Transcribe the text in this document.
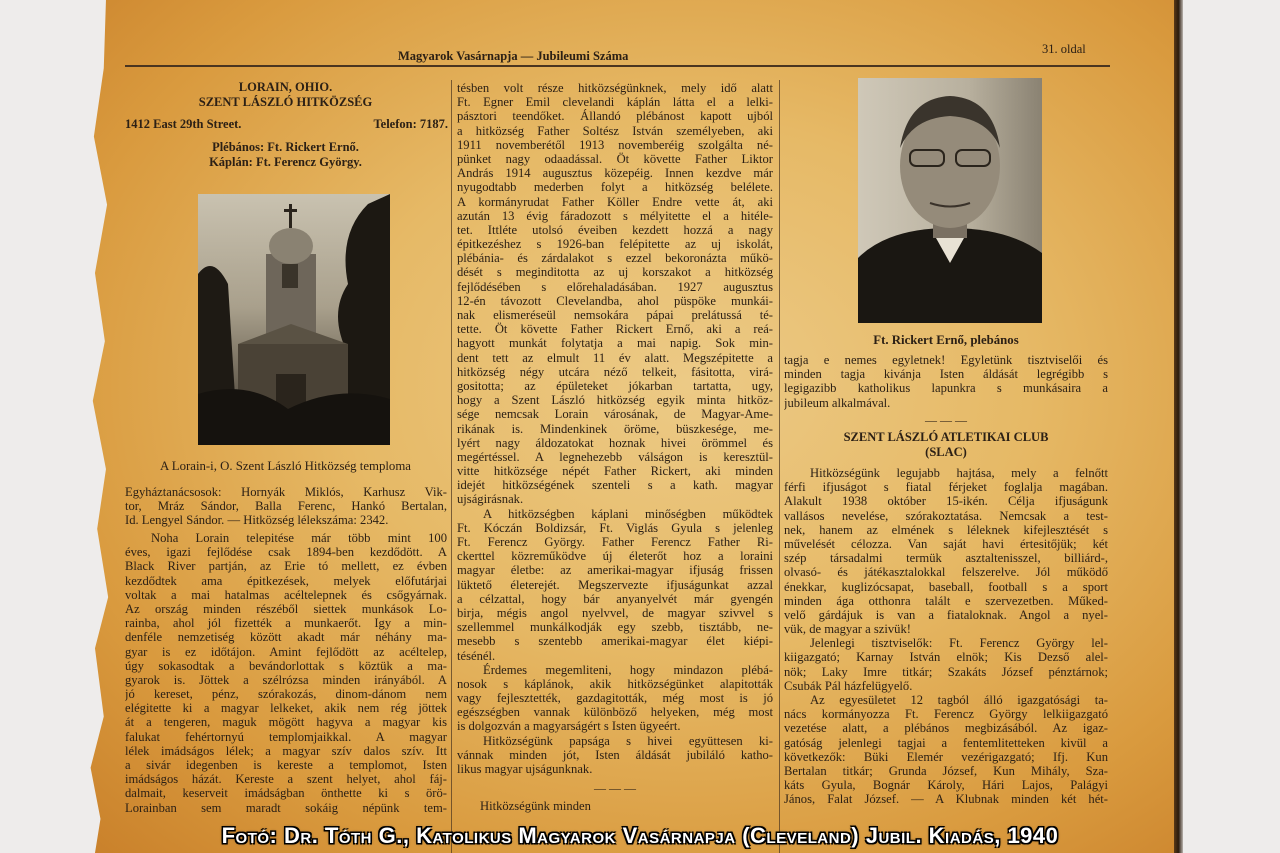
Magyarok Vasárnapja — Jubileumi Száma	31. oldal
LORAIN, OHIO.
SZENT LÁSZLÓ HITKÖZSÉG
1412 East 29th Street.	Telefon: 7187.
Plébános: Ft. Rickert Ernő.
Káplán: Ft. Ferencz György.
A Lorain-i, O. Szent László Hitközség temploma
Egyháztanácsosok: Hornyák Miklós, Karhusz Vik-
tor, Mráz Sándor, Balla Ferenc, Hankó Bertalan,
Id. Lengyel Sándor. — Hitközség lélekszáma: 2342.
Noha Lorain telepitése már több mint 100
éves, igazi fejlődése csak 1894-ben kezdődött. A
Black River partján, az Erie tó mellett, ez évben
kezdődtek ama épitkezések, melyek előfutárjai
voltak a mai hatalmas acéltelepnek és csőgyárnak.
Az ország minden részéből siettek munkások Lo-
rainba, ahol jól fizették a munkaerőt. Igy a min-
denféle nemzetiség között akadt már néhány ma-
gyar is ez időtájon. Amint fejlődött az acéltelep,
úgy sokasodtak a bevándorlottak s köztük a ma-
gyarok is. Jöttek a szélrózsa minden irányából. A
jó kereset, pénz, szórakozás, dinom-dánom nem
elégitette ki a magyar lelkeket, akik nem rég jöttek
át a tengeren, maguk mögött hagyva a magyar kis
falukat fehértornyú templomjaikkal. A magyar
lélek imádságos lélek; a magyar szív dalos szív. Itt
a sivár idegenben is kereste a templomot, Isten
imádságos házát. Kereste a szent helyet, ahol fáj-
dalmait, keserveit imádságban önthette ki s örö-
Lorainban sem maradt sokáig népünk tem-
tésben volt része hitközségünknek, mely idő alatt
Ft. Egner Emil clevelandi káplán látta el a lelki-
pásztori teendőket. Állandó plébánost kapott ujból
a hitközség Father Soltész István személyeben, aki
1911 novemberétől 1913 novemberéig szolgálta né-
pünket nagy odaadással. Öt követte Father Liktor
András 1914 augusztus közepéig. Innen kezdve már
nyugodtabb mederben folyt a hitközség belélete.
A kormányrudat Father Köller Endre vette át, aki
azután 13 évig fáradozott s mélyitette el a hitéle-
tet. Ittléte utolsó éveiben kezdett hozzá a nagy
épitkezéshez s 1926-ban felépitette az uj iskolát,
plébánia- és zárdalakot s ezzel bekoronázta műkö-
dését s meginditotta az uj korszakot a hitközség
fejlődésében s előrehaladásában. 1927 augusztus
12-én távozott Clevelandba, ahol püspöke munkái-
nak elismeréseül nemsokára pápai prelátussá té-
tette. Öt követte Father Rickert Ernő, aki a reá-
hagyott munkát folytatja a mai napig. Sok min-
dent tett az elmult 11 év alatt. Megszépitette a
hitközség négy utcára néző telkeit, fásitotta, virá-
gositotta; az épületeket jókarban tartatta, ugy,
hogy a Szent László hitközség egyik minta hitköz-
sége nemcsak Lorain városának, de Magyar-Ame-
rikának is. Mindenkinek öröme, büszkesége, me-
lyért nagy áldozatokat hoznak hivei örömmel és
megértéssel. A legnehezebb válságon is keresztül-
vitte hitközsége népét Father Rickert, aki minden
idejét hitközségének szenteli s a kath. magyar
ujságirásnak.
A hitközségben káplani minőségben működtek
Ft. Kóczán Boldizsár, Ft. Viglás Gyula s jelenleg
Ft. Ferencz György. Father Ferencz Father Ri-
ckerttel közreműködve új életerőt hoz a loraini
magyar életbe: az amerikai-magyar ifjuság frissen
lüktető életerejét. Megszervezte ifjuságunkat azzal
a célzattal, hogy bár anyanyelvét már gyengén
birja, mégis angol nyelvvel, de magyar szivvel s
szellemmel munkálkodják egy szebb, tisztább, ne-
mesebb s szentebb amerikai-magyar élet kiépi-
tésénél.
Érdemes megemliteni, hogy mindazon plébá-
nosok s káplánok, akik hitközségünket alapitották
vagy fejlesztették, gazdagitották, még most is jó
egészségben vannak különböző helyeken, még most
is dolgozván a magyarságért s Isten ügyeért.
Hitközségünk papsága s hivei együttesen ki-
vánnak minden jót, Isten áldását jubiláló katho-
likus magyar ujságunknak.
— — —
Hitközségünk minden
Ft. Rickert Ernő, plebános
tagja e nemes egyletnek! Egyletünk tisztviselői és
minden tagja kivánja Isten áldását legrégibb s
legigazibb katholikus lapunkra s munkásaira a
jubileum alkalmával.
— — —
SZENT LÁSZLÓ ATLETIKAI CLUB
(SLAC)
Hitközségünk legujabb hajtása, mely a felnőtt
férfi ifjuságot s fiatal férjeket foglalja magában.
Alakult 1938 október 15-ikén. Célja ifjuságunk
vallásos nevelése, szórakoztatása. Nemcsak a test-
nek, hanem az elmének s léleknek kifejlesztését s
művelését célozza. Van saját havi értesitőjük; két
szép társadalmi termük asztaltenisszel, billiárd-,
olvasó- és játékasztalokkal felszerelve. Jól működő
énekkar, kuglizócsapat, baseball, football s a sport
minden ága otthonra talált e szervezetben. Műked-
velő gárdájuk is van a fiataloknak. Angol a nyel-
vük, de magyar a szivük!
Jelenlegi tisztviselők: Ft. Ferencz György lel-
kiigazgató; Karnay István elnök; Kis Dezső alel-
nök; Laky Imre titkár; Szakáts József pénztárnok;
Csubák Pál házfelügyelő.
Az egyesületet 12 tagból álló igazgatósági ta-
nács kormányozza Ft. Ferencz György lelkiigazgató
vezetése alatt, a plébános megbizásából. Az igaz-
gatóság jelenlegi tagjai a fentemlitetteken kivül a
következők: Büki Elemér vezérigazgató; Ifj. Kun
Bertalan titkár; Grunda József, Kun Mihály, Sza-
káts Gyula, Bognár Károly, Hári Lajos, Palágyi
János, Falat József. — A Klubnak minden két hét-
Fotó: Dr. Tóth G., Katolikus Magyarok Vasárnapja (Cleveland) Jubil. Kiadás, 1940
